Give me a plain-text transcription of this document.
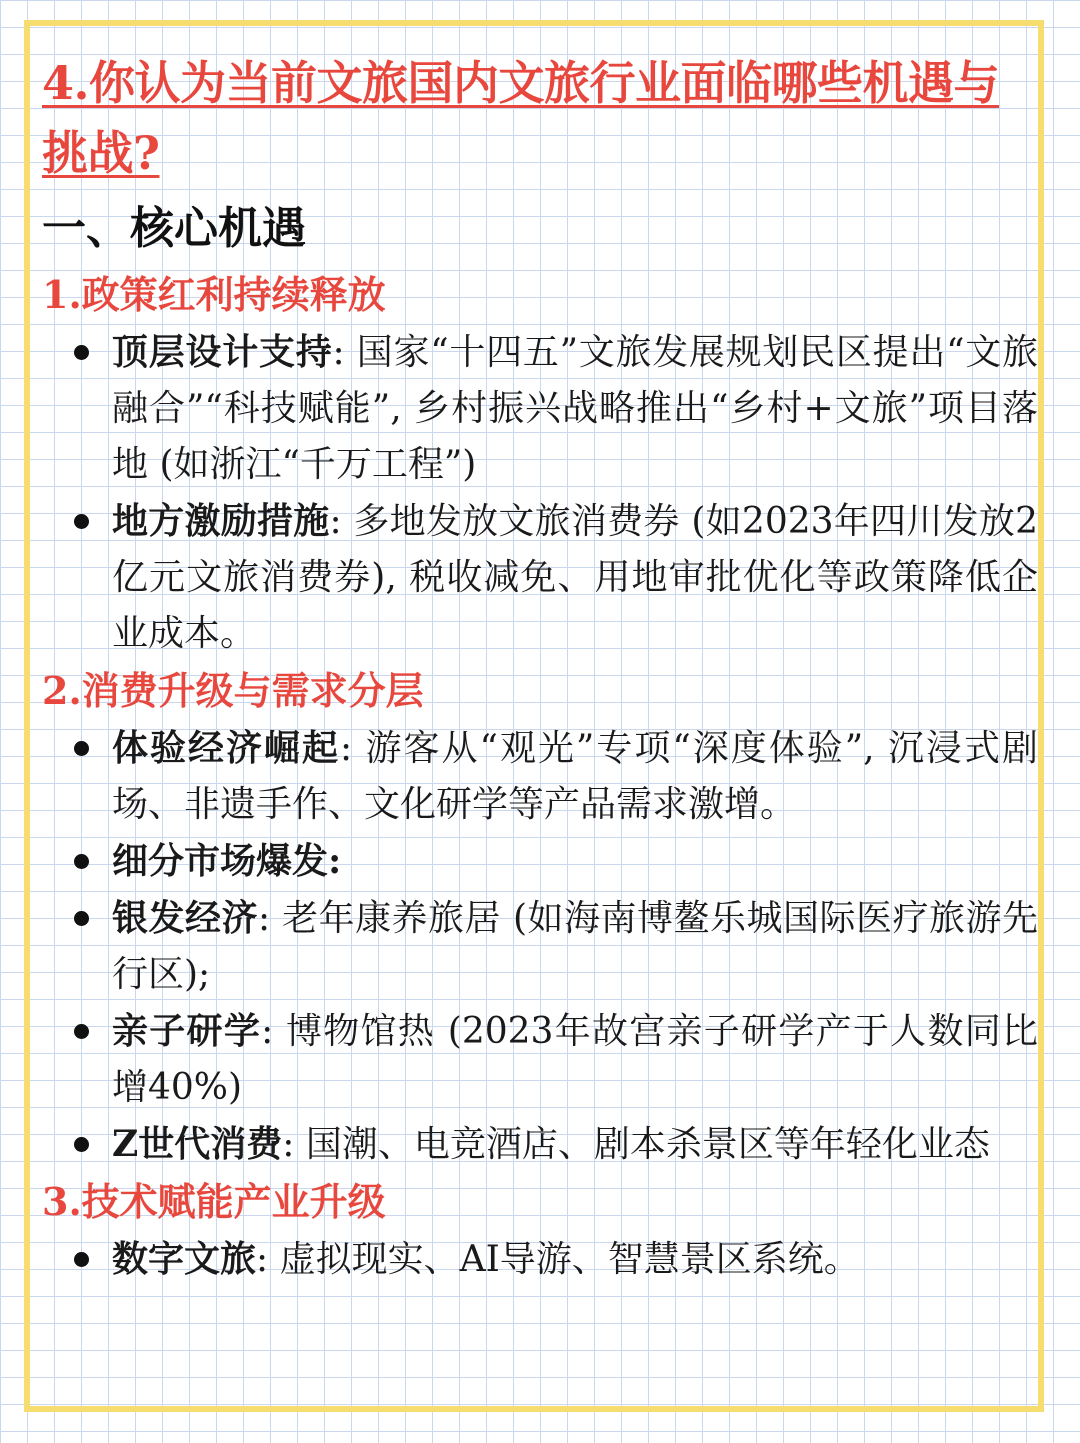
4.你认为当前文旅国内文旅行业面临哪些机遇与挑战?
一、核心机遇
1.政策红利持续释放
顶层设计支持: 国家“十四五”文旅发展规划民区提出“文旅融合”“科技赋能”, 乡村振兴战略推出“乡村+文旅”项目落地 (如浙江“千万工程”)
地方激励措施: 多地发放文旅消费券 (如2023年四川发放2亿元文旅消费券), 税收减免、用地审批优化等政策降低企业成本。
2.消费升级与需求分层
体验经济崛起: 游客从“观光”专项“深度体验”, 沉浸式剧场、非遗手作、文化研学等产品需求激增。
细分市场爆发:
银发经济: 老年康养旅居 (如海南博鳌乐城国际医疗旅游先行区);
亲子研学: 博物馆热 (2023年故宫亲子研学产于人数同比增40%)
Z世代消费: 国潮、电竞酒店、剧本杀景区等年轻化业态
3.技术赋能产业升级
数字文旅: 虚拟现实、AI导游、智慧景区系统。
